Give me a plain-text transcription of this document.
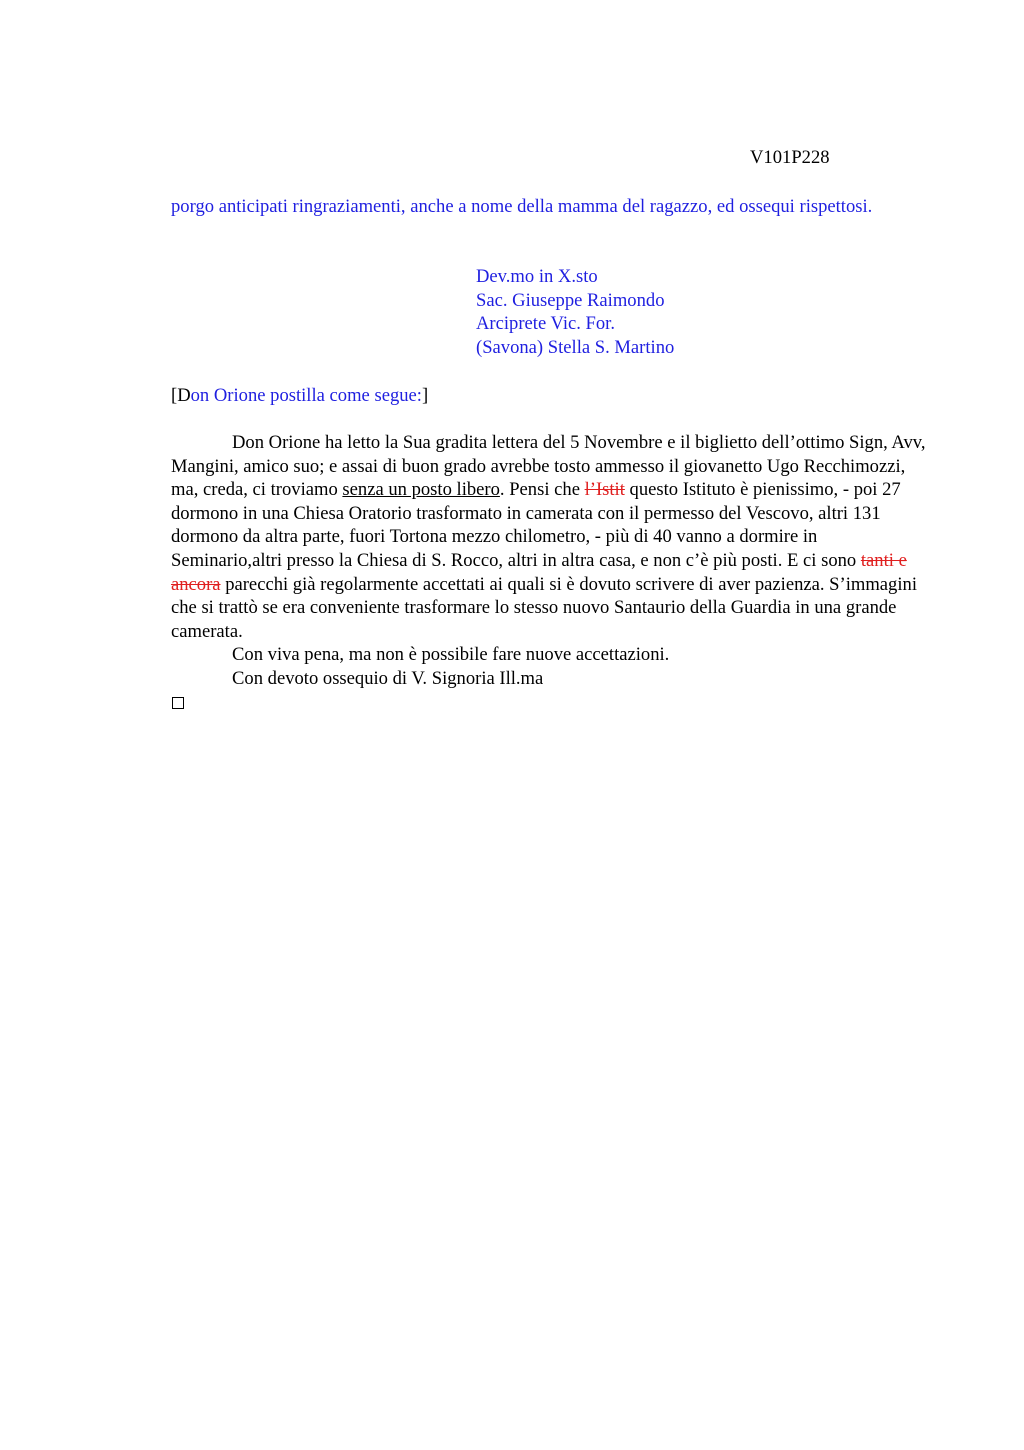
V101P228
porgo anticipati ringraziamenti, anche a nome della mamma del ragazzo, ed ossequi rispettosi.
Dev.mo in X.sto
Sac. Giuseppe Raimondo
Arciprete Vic. For.
(Savona) Stella S. Martino
[Don Orione postilla come segue:]

Don Orione ha letto la Sua gradita lettera del 5 Novembre e il biglietto dell’ottimo Sign, Avv, Mangini, amico suo; e assai di buon grado avrebbe tosto ammesso il giovanetto Ugo Recchimozzi, ma, creda, ci troviamo senza un posto libero. Pensi che l’Istit questo Istituto è pienissimo, - poi 27 dormono in una Chiesa Oratorio trasformato in camerata con il permesso del Vescovo, altri 131 dormono da altra parte, fuori Tortona mezzo chilometro, - più di 40 vanno a dormire in Seminario,altri presso la Chiesa di S. Rocco, altri in altra casa, e non c’è più posti. E ci sono tanti e ancora parecchi già regolarmente accettati ai quali si è dovuto scrivere di aver pazienza. S’immagini che si trattò se era conveniente trasformare lo stesso nuovo Santaurio della Guardia in una grande camerata.

Con viva pena, ma non è possibile fare nuove accettazioni.

Con devoto ossequio di V. Signoria Ill.ma
